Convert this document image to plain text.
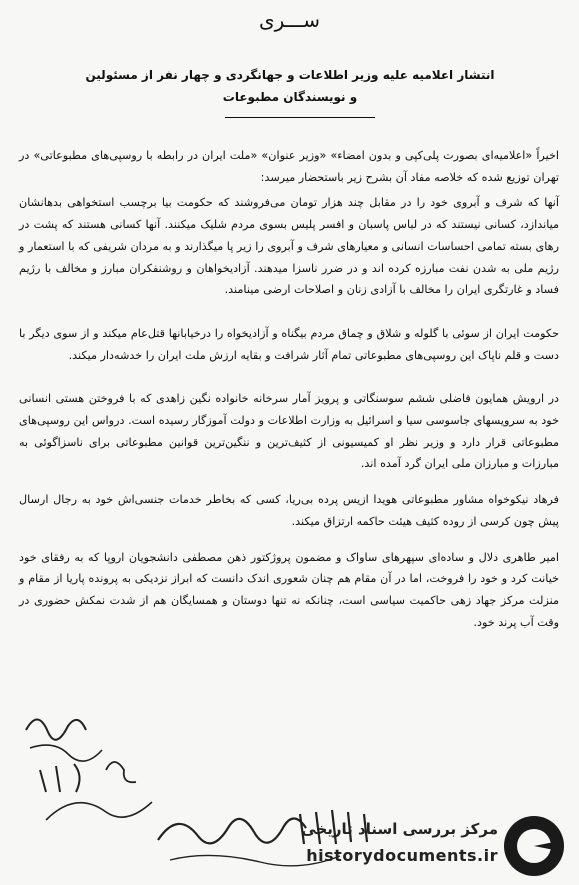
ســـری
انتشار اعلامیه علیه وزیر اطلاعات و جهانگردی و چهار نفر از مسئولین
و نویسندگان مطبوعات

اخیراً «اعلامیه‌ای بصورت پلی‌کپی و بدون امضاء» «وزیر عنوان» «ملت ایران در رابطه با روسپی‌های مطبوعاتی» در تهران توزیع شده که خلاصه مفاد آن بشرح زیر باستحضار میرسد:

آنها که شرف و آبروی خود را در مقابل چند هزار تومان می‌فروشند که حکومت بیا برچسب استخواهی بدهانشان میاندازد، کسانی نیستند که در لباس پاسبان و افسر پلیس بسوی مردم شلیک میکنند. آنها کسانی هستند که پشت در رهای بسته تمامی احساسات انسانی و معیارهای شرف و آبروی را زیر پا میگذارند و به مردان شریفی که با استعمار و رژیم ملی به شدن نفت مبارزه کرده اند و در ضرر ناسزا میدهند. آزادیخواهان و روشنفکران مبارز و مخالف با رژیم فساد و غارتگری ایران را مخالف با آزادی زنان و اصلاحات ارضی مینامند.

حکومت ایران از سوئی با گلوله و شلاق و چماق مردم بیگناه و آزادیخواه را درخیابانها قتل‌عام میکند و از سوی دیگر با دست و قلم ناپاک این روسپی‌های مطبوعاتی تمام آثار شرافت و بقایه ارزش ملت ایران را خدشه‌دار میکند.

در ارویش همایون فاضلی ششم سوسنگاتی و پرویز آمار سرخانه خانواده نگین زاهدی که با فروختن هستی انسانی خود به سرویسهای جاسوسی سیا و اسرائیل به وزارت اطلاعات و دولت آموزگار رسیده است. درواس این روسپی‌های مطبوعاتی قرار دارد و وزیر نظر او کمیسیونی از کثیف‌ترین و ننگین‌ترین قوانین مطبوعاتی برای ناسزاگوئی به مبارزات و مبارزان ملی ایران گرد آمده اند.

فرهاد نیکوخواه مشاور مطبوعاتی هویدا ازیس پرده بی‌ریا، کسی که بخاطر خدمات جنسی‌اش خود به رجال ارسال پیش چون کرسی از روده کثیف هیئت حاکمه ارتزاق میکند.

امیر طاهری دلال و ساده‌ای سپهرهای ساواک و مضمون پروژکتور ذهن مصطفی دانشجویان اروپا که به رفقای خود خیانت کرد و خود را فروخت، اما در آن مقام هم چنان شعوری اندک دانست که ابراز نزدیکی به پرونده پاریا از مقام و منزلت مرکز جهاد زهی حاکمیت سیاسی است، چنانکه نه تنها دوستان و همسایگان هم از شدت نمکش حضوری در وقت آب پرند خود.

مرکز بررسی اسناد تاریخی
historydocuments.ir
